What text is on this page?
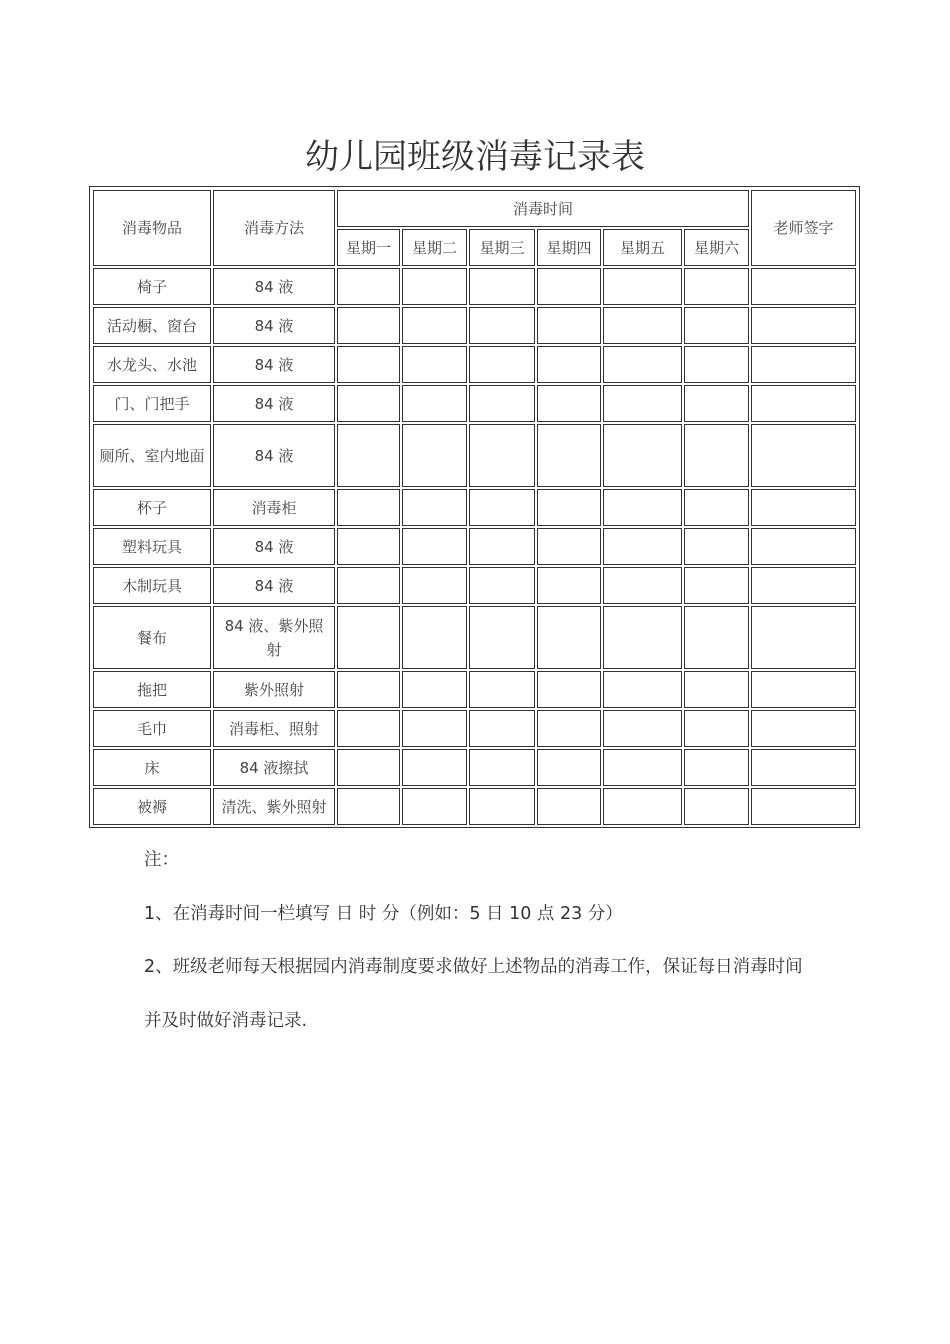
幼儿园班级消毒记录表
消毒物品	消毒方法	消毒时间						老师签字
		星期一	星期二	星期三	星期四	星期五	星期六	
椅子	84 液							
活动橱、窗台	84 液							
水龙头、水池	84 液							
门、门把手	84 液							
厕所、室内地面	84 液							
杯子	消毒柜							
塑料玩具	84 液							
木制玩具	84 液							
餐布	84 液、紫外照射							
拖把	紫外照射							
毛巾	消毒柜、照射							
床	84 液擦拭							
被褥	清洗、紫外照射							

注：

1、在消毒时间一栏填写 日 时 分（例如：5 日 10 点 23 分）

2、班级老师每天根据园内消毒制度要求做好上述物品的消毒工作，保证每日消毒时间并及时做好消毒记录.
